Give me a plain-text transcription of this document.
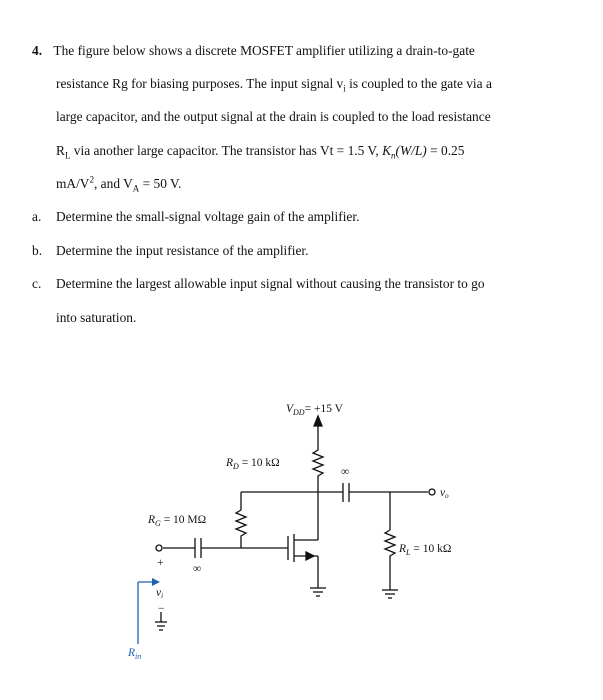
4. The figure below shows a discrete MOSFET amplifier utilizing a drain-to-gate
resistance Rg for biasing purposes. The input signal $v_i$ is coupled to the gate via a
large capacitor, and the output signal at the drain is coupled to the load resistance
$R_L$ via another large capacitor. The transistor has Vt = 1.5 V, $K_n(W/L) = 0.25$
$mA/V^2$, and $V_A = 50$ V.
a. Determine the small-signal voltage gain of the amplifier.
b. Determine the input resistance of the amplifier.
c. Determine the largest allowable input signal without causing the transistor to go
into saturation.
$V_{DD}= +15$ V
$R_D = 10$ kΩ
$R_G = 10$ MΩ
$R_L = 10$ kΩ
∞
∞
vo
+
vi
−
$R_{in}$
